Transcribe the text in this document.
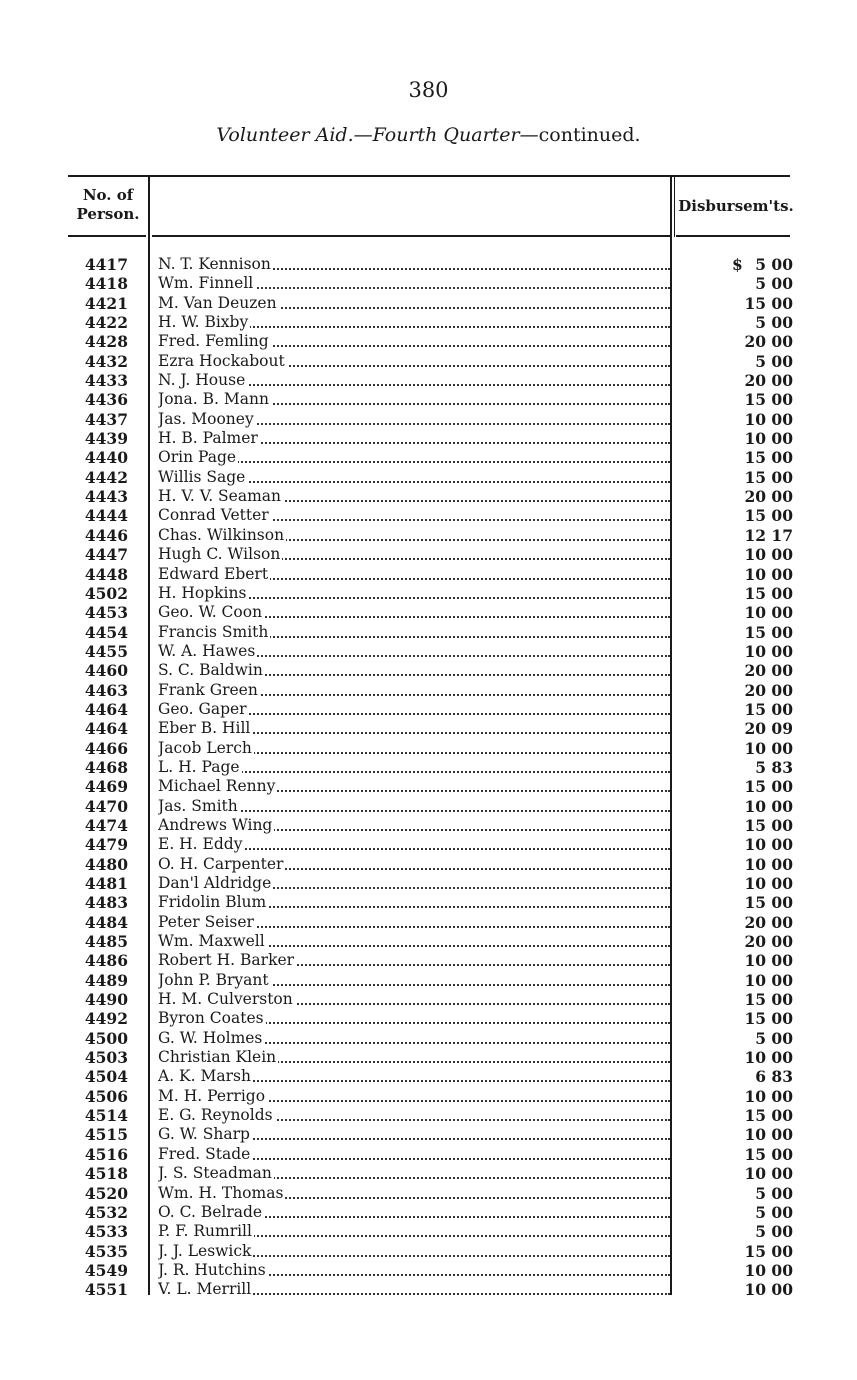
380
Volunteer Aid.—Fourth Quarter—continued.
No. of
Person.	Disbursem'ts.
4417 N. T. Kennison	$ 5 00
4418 Wm. Finnell	5 00
4421 M. Van Deuzen	15 00
4422 H. W. Bixby	5 00
4428 Fred. Femling	20 00
4432 Ezra Hockabout	5 00
4433 N. J. House	20 00
4436 Jona. B. Mann	15 00
4437 Jas. Mooney	10 00
4439 H. B. Palmer	10 00
4440 Orin Page	15 00
4442 Willis Sage	15 00
4443 H. V. V. Seaman	20 00
4444 Conrad Vetter	15 00
4446 Chas. Wilkinson	12 17
4447 Hugh C. Wilson	10 00
4448 Edward Ebert	10 00
4502 H. Hopkins	15 00
4453 Geo. W. Coon	10 00
4454 Francis Smith	15 00
4455 W. A. Hawes	10 00
4460 S. C. Baldwin	20 00
4463 Frank Green	20 00
4464 Geo. Gaper	15 00
4464 Eber B. Hill	20 09
4466 Jacob Lerch	10 00
4468 L. H. Page	5 83
4469 Michael Renny	15 00
4470 Jas. Smith	10 00
4474 Andrews Wing	15 00
4479 E. H. Eddy	10 00
4480 O. H. Carpenter	10 00
4481 Dan'l Aldridge	10 00
4483 Fridolin Blum	15 00
4484 Peter Seiser	20 00
4485 Wm. Maxwell	20 00
4486 Robert H. Barker	10 00
4489 John P. Bryant	10 00
4490 H. M. Culverston	15 00
4492 Byron Coates	15 00
4500 G. W. Holmes	5 00
4503 Christian Klein	10 00
4504 A. K. Marsh	6 83
4506 M. H. Perrigo	10 00
4514 E. G. Reynolds	15 00
4515 G. W. Sharp	10 00
4516 Fred. Stade	15 00
4518 J. S. Steadman	10 00
4520 Wm. H. Thomas	5 00
4532 O. C. Belrade	5 00
4533 P. F. Rumrill	5 00
4535 J. J. Leswick	15 00
4549 J. R. Hutchins	10 00
4551 V. L. Merrill	10 00
